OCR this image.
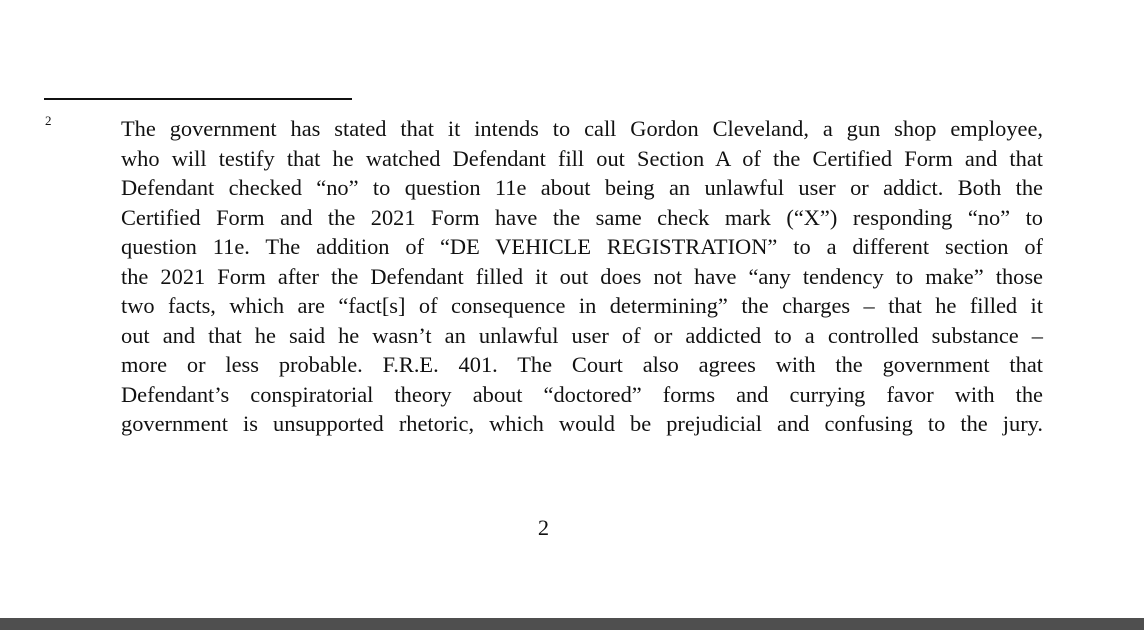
2	The government has stated that it intends to call Gordon Cleveland, a gun shop employee,
who will testify that he watched Defendant fill out Section A of the Certified Form and that
Defendant checked “no” to question 11e about being an unlawful user or addict. Both the
Certified Form and the 2021 Form have the same check mark (“X”) responding “no” to
question 11e. The addition of “DE VEHICLE REGISTRATION” to a different section of
the 2021 Form after the Defendant filled it out does not have “any tendency to make” those
two facts, which are “fact[s] of consequence in determining” the charges – that he filled it
out and that he said he wasn’t an unlawful user of or addicted to a controlled substance –
more or less probable. F.R.E. 401. The Court also agrees with the government that
Defendant’s conspiratorial theory about “doctored” forms and currying favor with the
government is unsupported rhetoric, which would be prejudicial and confusing to the jury.
2
